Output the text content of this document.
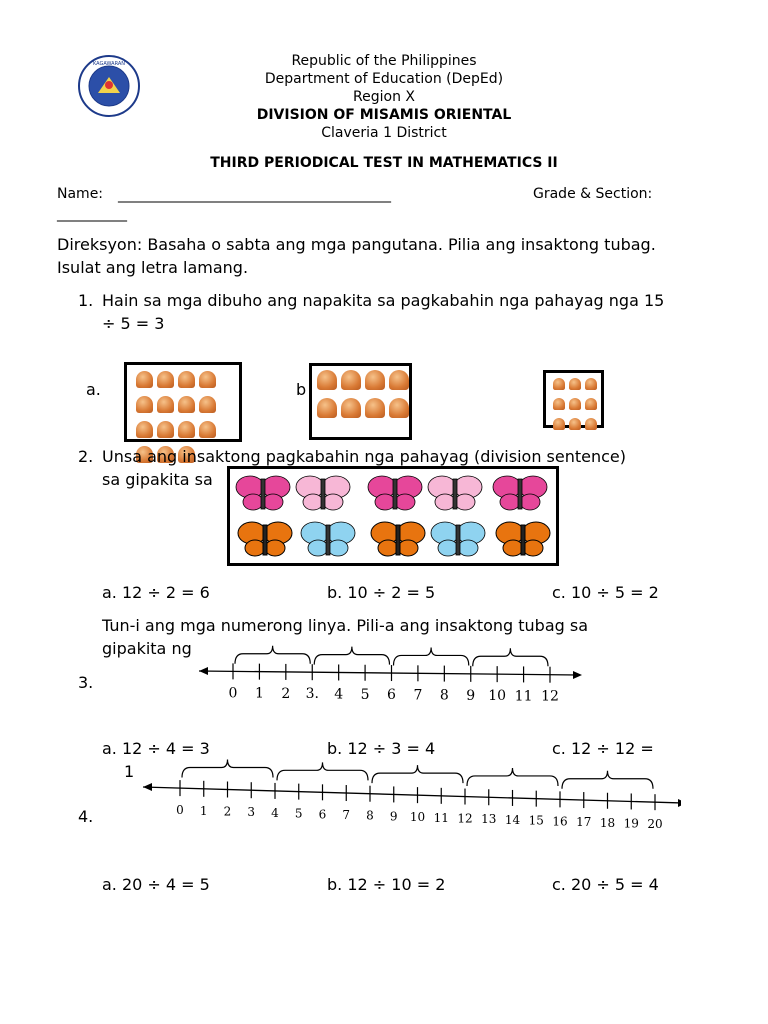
KAGAWARAN	Republic of the Philippines
Department of Education (DepEd)
Region X
DIVISION OF MISAMIS ORIENTAL
Claveria 1 District
THIRD PERIODICAL TEST IN MATHEMATICS II
Name: _______________________________________	Grade & Section:
__________
Direksyon: Basaha o sabta ang mga pangutana. Pilia ang insaktong tubag. Isulat ang letra lamang.
1. Hain sa mga dibuho ang napakita sa pagkabahin nga pahayag nga 15 ÷ 5 = 3
a.	b
2. Unsa ang insaktong pagkabahin nga pahayag (division sentence)
sa gipakita sa
a. 12 ÷ 2 = 6	b. 10 ÷ 2 = 5	c. 10 ÷ 5 = 2
Tun-i ang mga numerong linya. Pili-a ang insaktong tubag sa
gipakita ng
3.
0 1 2 3. 4 5 6 7 8 9 10 11 12
a. 12 ÷ 4 = 3	b. 12 ÷ 3 = 4	c. 12 ÷ 12 =
1
4.	0 1 2 3 4 5 6 7 8 9 10 11 12 13 14 15 16 17 18 19 20
a. 20 ÷ 4 = 5	b. 12 ÷ 10 = 2	c. 20 ÷ 5 = 4
